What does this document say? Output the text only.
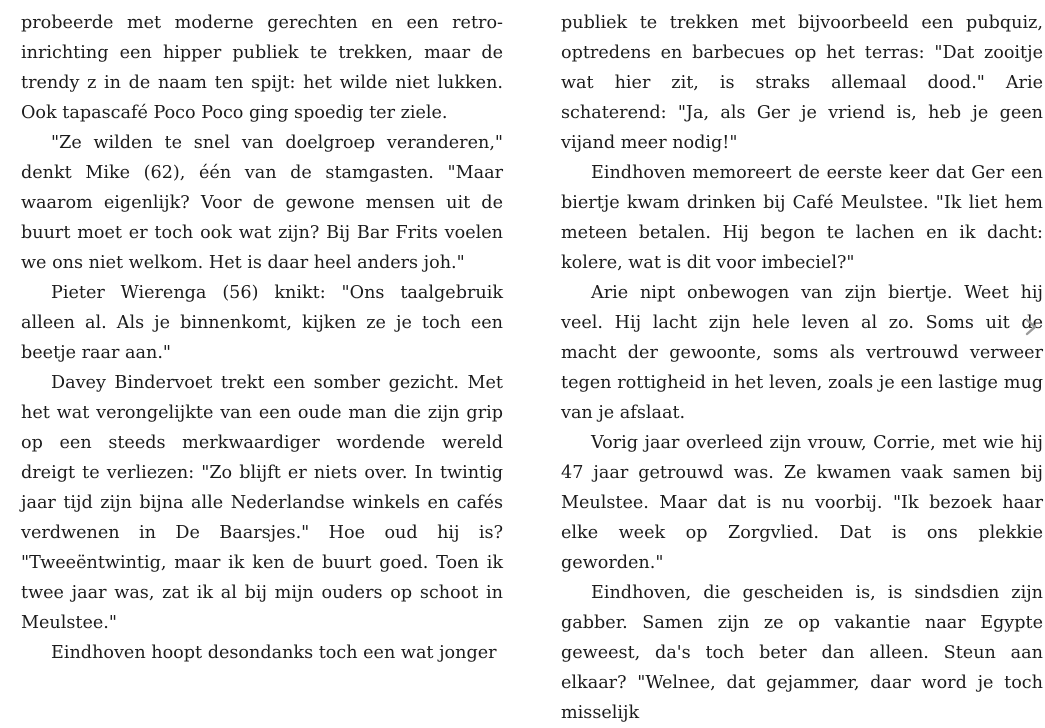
probeerde met moderne gerechten en een retro-inrichting een hipper publiek te trekken, maar de trendy z in de naam ten spijt: het wilde niet lukken. Ook tapascafé Poco Poco ging spoedig ter ziele.

"Ze wilden te snel van doelgroep veranderen," denkt Mike (62), één van de stamgasten. "Maar waarom eigenlijk? Voor de gewone mensen uit de buurt moet er toch ook wat zijn? Bij Bar Frits voelen we ons niet welkom. Het is daar heel anders joh."

Pieter Wierenga (56) knikt: "Ons taalgebruik alleen al. Als je binnenkomt, kijken ze je toch een beetje raar aan."

Davey Bindervoet trekt een somber gezicht. Met het wat verongelijkte van een oude man die zijn grip op een steeds merkwaardiger wordende wereld dreigt te verliezen: "Zo blijft er niets over. In twintig jaar tijd zijn bijna alle Nederlandse winkels en cafés verdwenen in De Baarsjes." Hoe oud hij is? "Tweeëntwintig, maar ik ken de buurt goed. Toen ik twee jaar was, zat ik al bij mijn ouders op schoot in Meulstee."

Eindhoven hoopt desondanks toch een wat jonger

publiek te trekken met bijvoorbeeld een pubquiz, optredens en barbecues op het terras: "Dat zooitje wat hier zit, is straks allemaal dood." Arie schaterend: "Ja, als Ger je vriend is, heb je geen vijand meer nodig!"

Eindhoven memoreert de eerste keer dat Ger een biertje kwam drinken bij Café Meulstee. "Ik liet hem meteen betalen. Hij begon te lachen en ik dacht: kolere, wat is dit voor imbeciel?"

Arie nipt onbewogen van zijn biertje. Weet hij veel. Hij lacht zijn hele leven al zo. Soms uit de macht der gewoonte, soms als vertrouwd verweer tegen rottigheid in het leven, zoals je een lastige mug van je afslaat.

Vorig jaar overleed zijn vrouw, Corrie, met wie hij 47 jaar getrouwd was. Ze kwamen vaak samen bij Meulstee. Maar dat is nu voorbij. "Ik bezoek haar elke week op Zorgvlied. Dat is ons plekkie geworden."

Eindhoven, die gescheiden is, is sindsdien zijn gabber. Samen zijn ze op vakantie naar Egypte geweest, da's toch beter dan alleen. Steun aan elkaar? "Welnee, dat gejammer, daar word je toch misselijk
